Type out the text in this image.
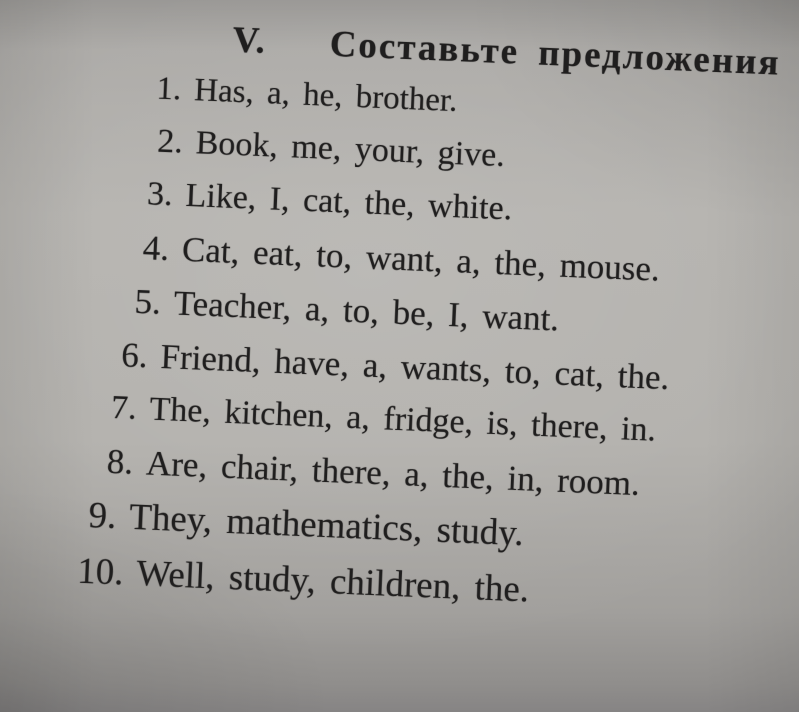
V. Составьте предложения
1. Has, a, he, brother.
2. Book, me, your, give.
3. Like, I, cat, the, white.
4. Cat, eat, to, want, a, the, mouse.
5. Teacher, a, to, be, I, want.
6. Friend, have, a, wants, to, cat, the.
7. The, kitchen, a, fridge, is, there, in.
8. Are, chair, there, a, the, in, room.
9. They, mathematics, study.
10. Well, study, children, the.
